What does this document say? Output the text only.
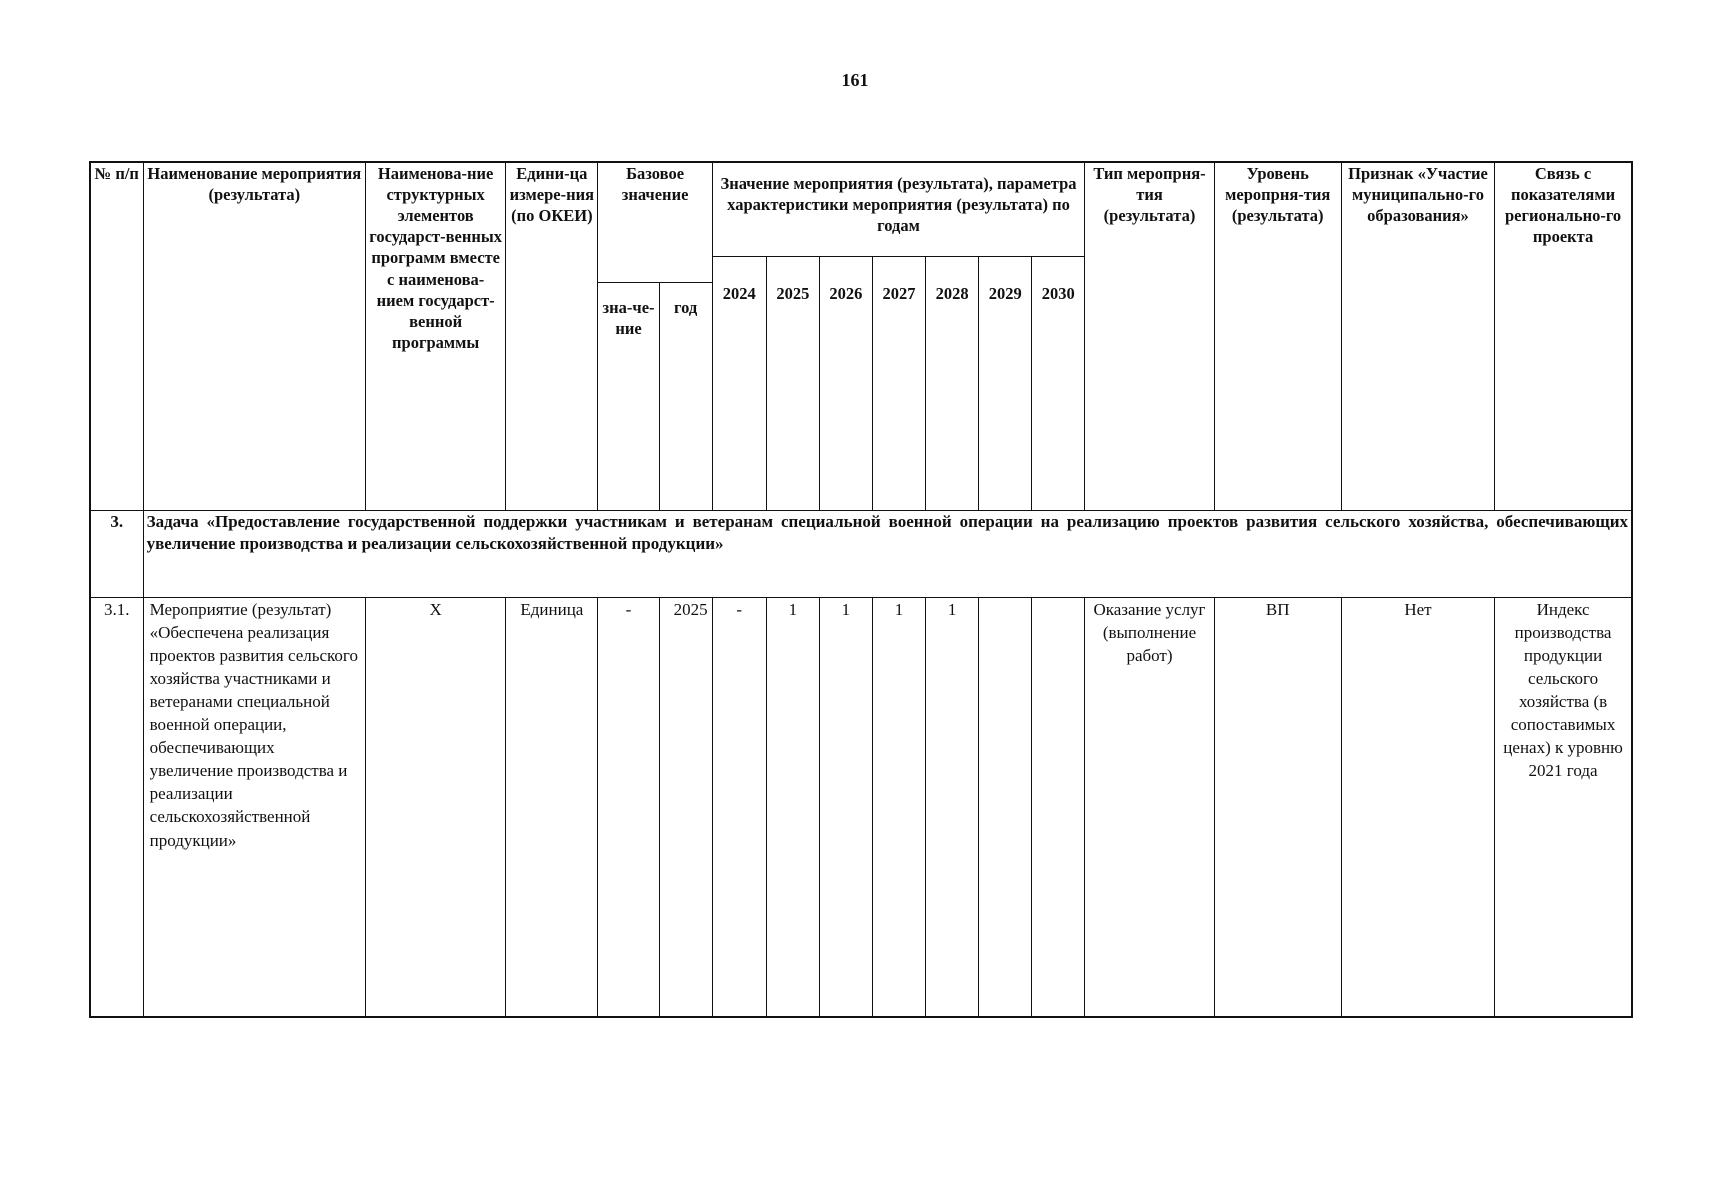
161
№ п/п	Наименование мероприятия (результата)	Наименова-ние структурных элементов государст-венных программ вместе с наименова-нием государст-венной программы	Едини-ца измере-ния (по ОКЕИ)	Базовое значение		Значение мероприятия (результата), параметра характеристики мероприятия (результата) по годам							Тип меропрня-тия (результата)	Уровень меропрня-тия (результата)	Признак «Участие муниципально-го образования»	Связь с показателями регионально-го проекта
						2024	2025	2026	2027	2028	2029	2030				
				зна-че-ние	год											
3.	Задача «Предоставление государственной поддержки участникам и ветеранам специальной военной операции на реализацию проектов развития сельского хозяйства, обеспечивающих увеличение производства и реализации сельскохозяйственной продукции»															
3.1.	Мероприятие (результат) «Обеспечена реализация проектов развития сельского хозяйства участниками и ветеранами специальной военной операции, обеспечивающих увеличение производства и реализации сельскохозяйственной продукции»	X	Единица	-	2025	-	1	1	1	1			Оказание услуг (выполнение работ)	ВП	Нет	Индекс производства продукции сельского хозяйства (в сопоставимых ценах) к уровню 2021 года
